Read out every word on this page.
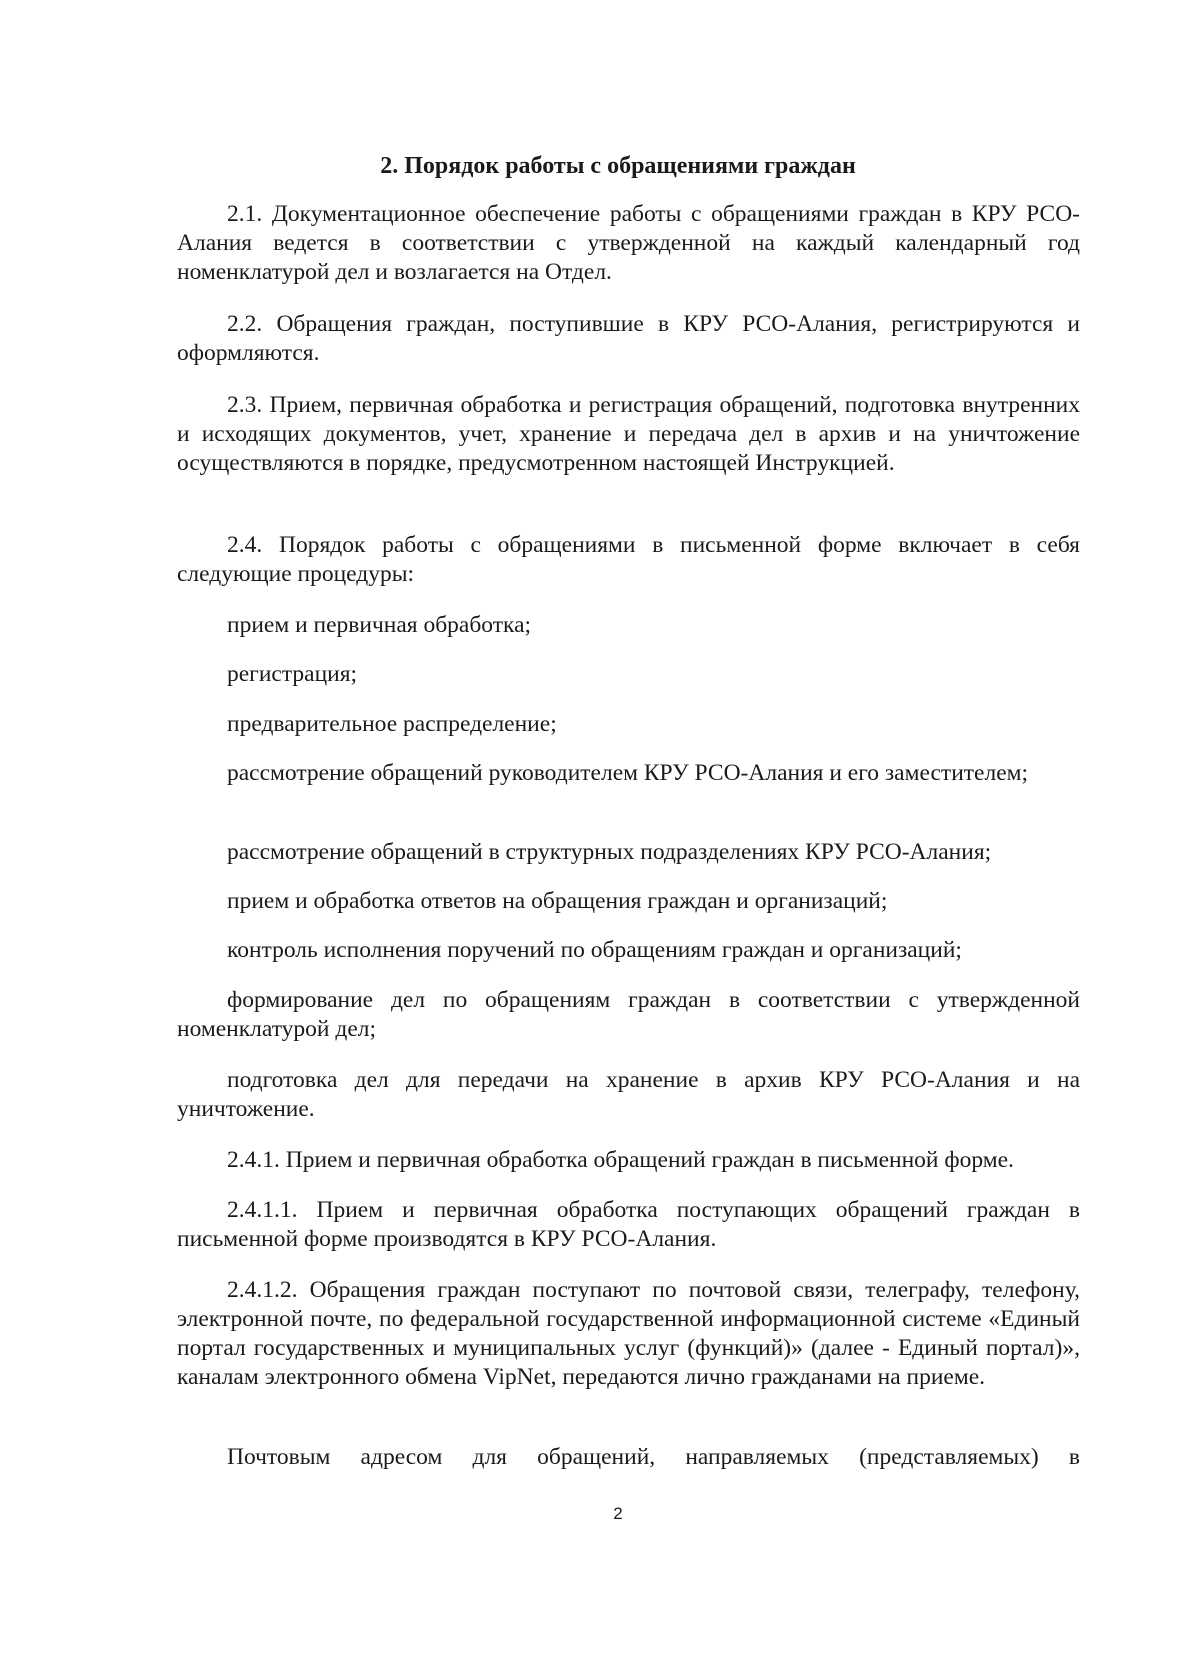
2. Порядок работы с обращениями граждан

2.1. Документационное обеспечение работы с обращениями граждан в КРУ РСО-Алания ведется в соответствии с утвержденной на каждый календарный год номенклатурой дел и возлагается на Отдел.

2.2. Обращения граждан, поступившие в КРУ РСО-Алания, регистрируются и оформляются.

2.3. Прием, первичная обработка и регистрация обращений, подготовка внутренних и исходящих документов, учет, хранение и передача дел в архив и на уничтожение осуществляются в порядке, предусмотренном настоящей Инструкцией.

2.4. Порядок работы с обращениями в письменной форме включает в себя следующие процедуры:

прием и первичная обработка;

регистрация;

предварительное распределение;

рассмотрение обращений руководителем КРУ РСО-Алания и его заместителем;

рассмотрение обращений в структурных подразделениях КРУ РСО-Алания;

прием и обработка ответов на обращения граждан и организаций;

контроль исполнения поручений по обращениям граждан и организаций;

формирование дел по обращениям граждан в соответствии с утвержденной номенклатурой дел;

подготовка дел для передачи на хранение в архив КРУ РСО-Алания и на уничтожение.

2.4.1. Прием и первичная обработка обращений граждан в письменной форме.

2.4.1.1. Прием и первичная обработка поступающих обращений граждан в письменной форме производятся в КРУ РСО-Алания.

2.4.1.2. Обращения граждан поступают по почтовой связи, телеграфу, телефону, электронной почте, по федеральной государственной информационной системе «Единый портал государственных и муниципальных услуг (функций)» (далее - Единый портал)», каналам электронного обмена VipNet, передаются лично гражданами на приеме.

Почтовым адресом для обращений, направляемых (представляемых) в

2
